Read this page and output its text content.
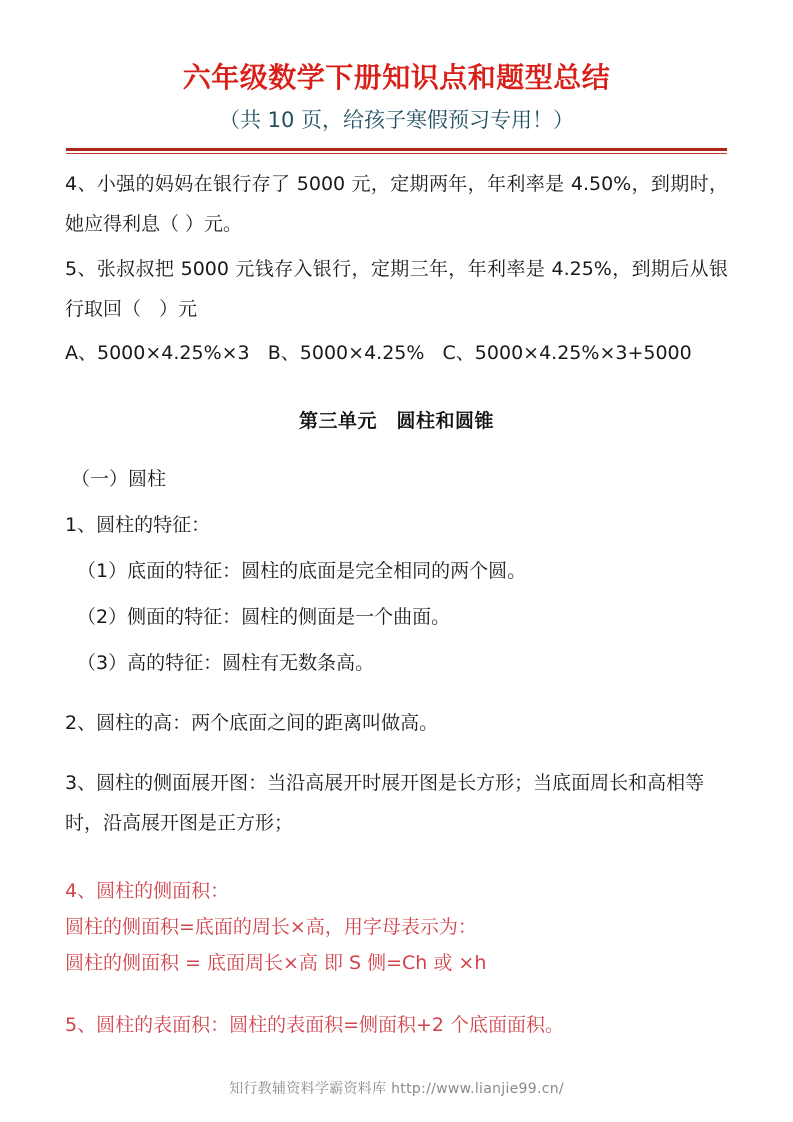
六年级数学下册知识点和题型总结

（共 10 页，给孩子寒假预习专用！）

4、小强的妈妈在银行存了 5000 元，定期两年，年利率是 4.50%，到期时，她应得利息（ ）元。

5、张叔叔把 5000 元钱存入银行，定期三年，年利率是 4.25%，到期后从银行取回（   ）元

A、5000×4.25%×3   B、5000×4.25%   C、5000×4.25%×3+5000

第三单元　圆柱和圆锥

（一）圆柱

1、圆柱的特征：

（1）底面的特征：圆柱的底面是完全相同的两个圆。

（2）侧面的特征：圆柱的侧面是一个曲面。

（3）高的特征：圆柱有无数条高。

2、圆柱的高：两个底面之间的距离叫做高。

3、圆柱的侧面展开图：当沿高展开时展开图是长方形；当底面周长和高相等时，沿高展开图是正方形；

4、圆柱的侧面积：

圆柱的侧面积=底面的周长×高，用字母表示为：

圆柱的侧面积 = 底面周长×高 即 S 侧=Ch 或 ×h

5、圆柱的表面积：圆柱的表面积=侧面积+2 个底面面积。

知行教辅资料学霸资料库 http://www.lianjie99.cn/
